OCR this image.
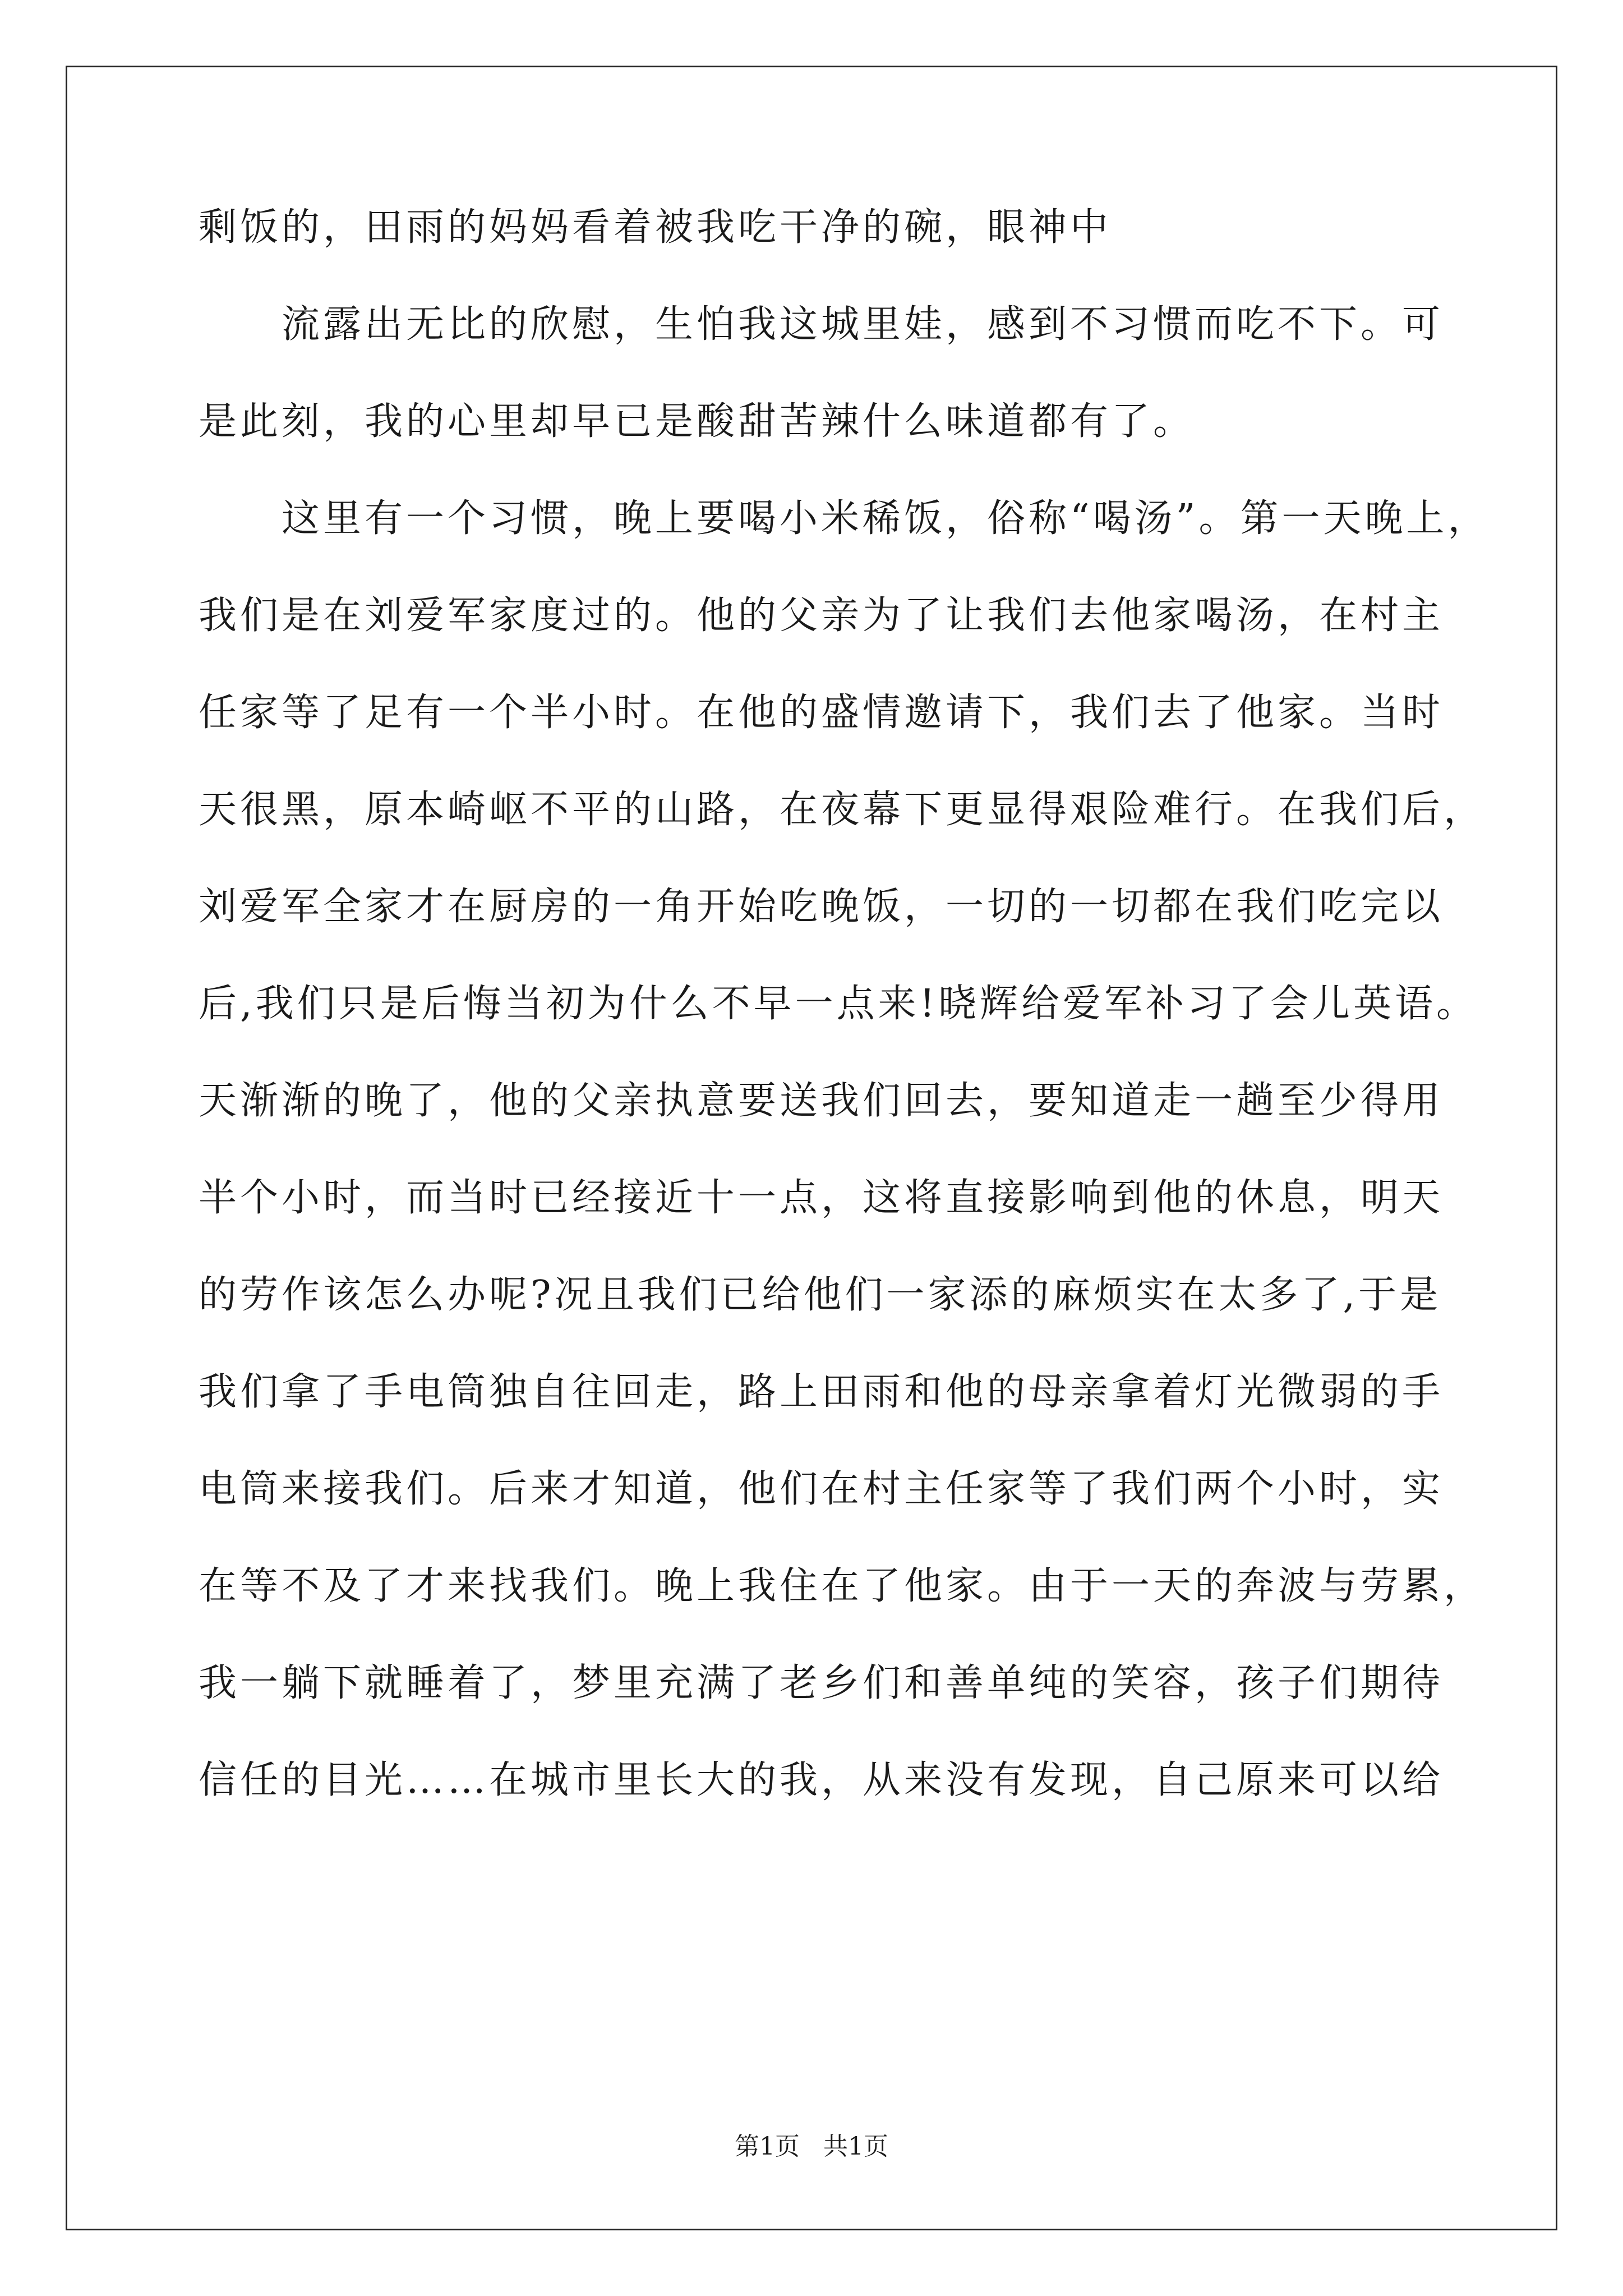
剩饭的，田雨的妈妈看着被我吃干净的碗，眼神中
流露出无比的欣慰，生怕我这城里娃，感到不习惯而吃不下。可
是此刻，我的心里却早已是酸甜苦辣什么味道都有了。
这里有一个习惯，晚上要喝小米稀饭，俗称“喝汤”。第一天晚上，
我们是在刘爱军家度过的。他的父亲为了让我们去他家喝汤，在村主
任家等了足有一个半小时。在他的盛情邀请下，我们去了他家。当时
天很黑，原本崎岖不平的山路，在夜幕下更显得艰险难行。在我们后，
刘爱军全家才在厨房的一角开始吃晚饭，一切的一切都在我们吃完以
后,我们只是后悔当初为什么不早一点来!晓辉给爱军补习了会儿英语。
天渐渐的晚了，他的父亲执意要送我们回去，要知道走一趟至少得用
半个小时，而当时已经接近十一点，这将直接影响到他的休息，明天
的劳作该怎么办呢?况且我们已给他们一家添的麻烦实在太多了,于是
我们拿了手电筒独自往回走，路上田雨和他的母亲拿着灯光微弱的手
电筒来接我们。后来才知道，他们在村主任家等了我们两个小时，实
在等不及了才来找我们。晚上我住在了他家。由于一天的奔波与劳累，
我一躺下就睡着了，梦里充满了老乡们和善单纯的笑容，孩子们期待
信任的目光……在城市里长大的我，从来没有发现，自己原来可以给
第1页   共1页
